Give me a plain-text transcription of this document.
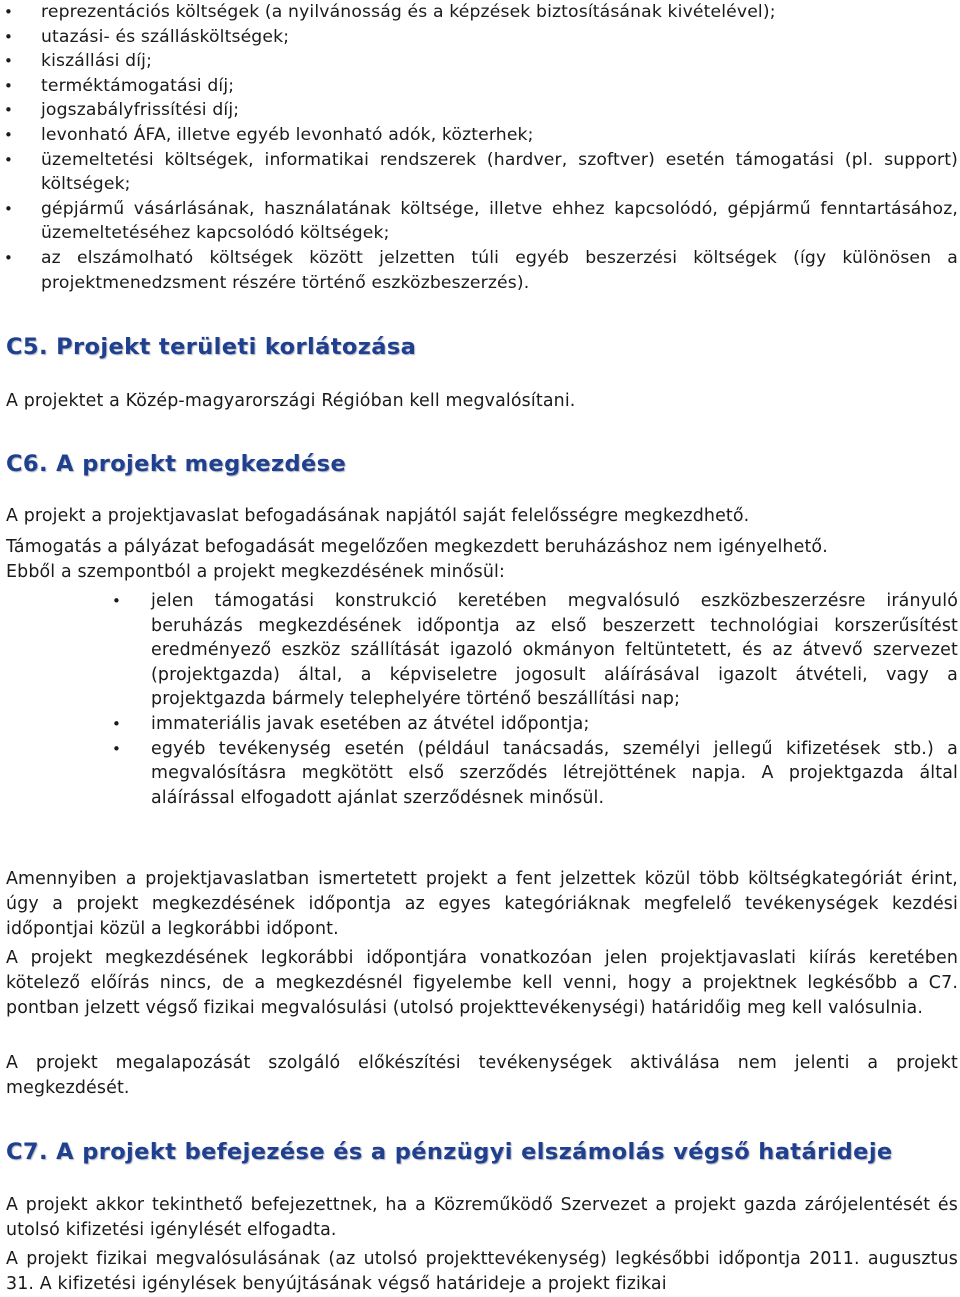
• reprezentációs költségek (a nyilvánosság és a képzések biztosításának kivételével);
• utazási- és szállásköltségek;
• kiszállási díj;
• terméktámogatási díj;
• jogszabályfrissítési díj;
• levonható ÁFA, illetve egyéb levonható adók, közterhek;
• üzemeltetési költségek, informatikai rendszerek (hardver, szoftver) esetén támogatási (pl. support) költségek;
• gépjármű vásárlásának, használatának költsége, illetve ehhez kapcsolódó, gépjármű fenntartásához, üzemeltetéséhez kapcsolódó költségek;
• az elszámolható költségek között jelzetten túli egyéb beszerzési költségek (így különösen a projektmenedzsment részére történő eszközbeszerzés).
C5. Projekt területi korlátozása

A projektet a Közép-magyarországi Régióban kell megvalósítani.

C6. A projekt megkezdése

A projekt a projektjavaslat befogadásának napjától saját felelősségre megkezdhető.

Támogatás a pályázat befogadását megelőzően megkezdett beruházáshoz nem igényelhető.

Ebből a szempontból a projekt megkezdésének minősül:

• jelen támogatási konstrukció keretében megvalósuló eszközbeszerzésre irányuló beruházás megkezdésének időpontja az első beszerzett technológiai korszerűsítést eredményező eszköz szállítását igazoló okmányon feltüntetett, és az átvevő szervezet (projektgazda) által, a képviseletre jogosult aláírásával igazolt átvételi, vagy a projektgazda bármely telephelyére történő beszállítási nap;
• immateriális javak esetében az átvétel időpontja;
• egyéb tevékenység esetén (például tanácsadás, személyi jellegű kifizetések stb.) a megvalósításra megkötött első szerződés létrejöttének napja. A projektgazda által aláírással elfogadott ajánlat szerződésnek minősül.

Amennyiben a projektjavaslatban ismertetett projekt a fent jelzettek közül több költségkategóriát érint, úgy a projekt megkezdésének időpontja az egyes kategóriáknak megfelelő tevékenységek kezdési időpontjai közül a legkorábbi időpont.

A projekt megkezdésének legkorábbi időpontjára vonatkozóan jelen projektjavaslati kiírás keretében kötelező előírás nincs, de a megkezdésnél figyelembe kell venni, hogy a projektnek legkésőbb a C7. pontban jelzett végső fizikai megvalósulási (utolsó projekttevékenységi) határidőig meg kell valósulnia.

A projekt megalapozását szolgáló előkészítési tevékenységek aktiválása nem jelenti a projekt megkezdését.

C7. A projekt befejezése és a pénzügyi elszámolás végső határideje

A projekt akkor tekinthető befejezettnek, ha a Közreműködő Szervezet a projekt gazda zárójelentését és utolsó kifizetési igénylését elfogadta.

A projekt fizikai megvalósulásának (az utolsó projekttevékenység) legkésőbbi időpontja 2011. augusztus 31. A kifizetési igénylések benyújtásának végső határideje a projekt fizikai
